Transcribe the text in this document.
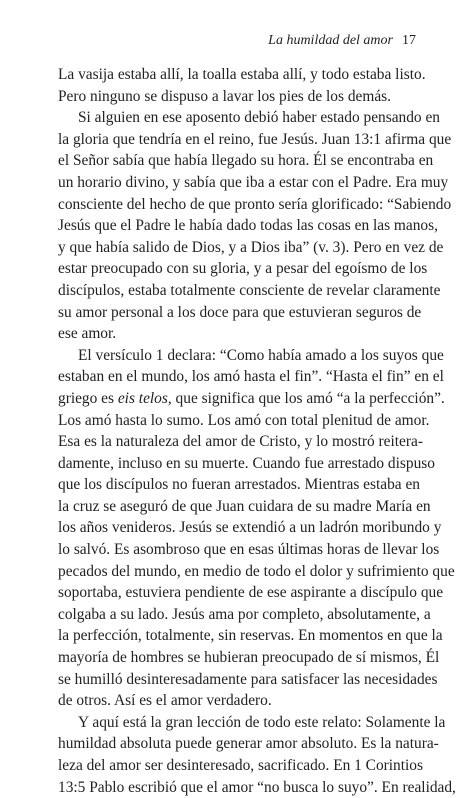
La humildad del amor 17
La vasija estaba allí, la toalla estaba allí, y todo estaba listo.
Pero ninguno se dispuso a lavar los pies de los demás.
Si alguien en ese aposento debió haber estado pensando en
la gloria que tendría en el reino, fue Jesús. Juan 13:1 afirma que
el Señor sabía que había llegado su hora. Él se encontraba en
un horario divino, y sabía que iba a estar con el Padre. Era muy
consciente del hecho de que pronto sería glorificado: “Sabiendo
Jesús que el Padre le había dado todas las cosas en las manos,
y que había salido de Dios, y a Dios iba” (v. 3). Pero en vez de
estar preocupado con su gloria, y a pesar del egoísmo de los
discípulos, estaba totalmente consciente de revelar claramente
su amor personal a los doce para que estuvieran seguros de
ese amor.
El versículo 1 declara: “Como había amado a los suyos que
estaban en el mundo, los amó hasta el fin”. “Hasta el fin” en el
griego es eis telos, que significa que los amó “a la perfección”.
Los amó hasta lo sumo. Los amó con total plenitud de amor.
Esa es la naturaleza del amor de Cristo, y lo mostró reitera-
damente, incluso en su muerte. Cuando fue arrestado dispuso
que los discípulos no fueran arrestados. Mientras estaba en
la cruz se aseguró de que Juan cuidara de su madre María en
los años venideros. Jesús se extendió a un ladrón moribundo y
lo salvó. Es asombroso que en esas últimas horas de llevar los
pecados del mundo, en medio de todo el dolor y sufrimiento que
soportaba, estuviera pendiente de ese aspirante a discípulo que
colgaba a su lado. Jesús ama por completo, absolutamente, a
la perfección, totalmente, sin reservas. En momentos en que la
mayoría de hombres se hubieran preocupado de sí mismos, Él
se humilló desinteresadamente para satisfacer las necesidades
de otros. Así es el amor verdadero.
Y aquí está la gran lección de todo este relato: Solamente la
humildad absoluta puede generar amor absoluto. Es la natura-
leza del amor ser desinteresado, sacrificado. En 1 Corintios
13:5 Pablo escribió que el amor “no busca lo suyo”. En realidad,
